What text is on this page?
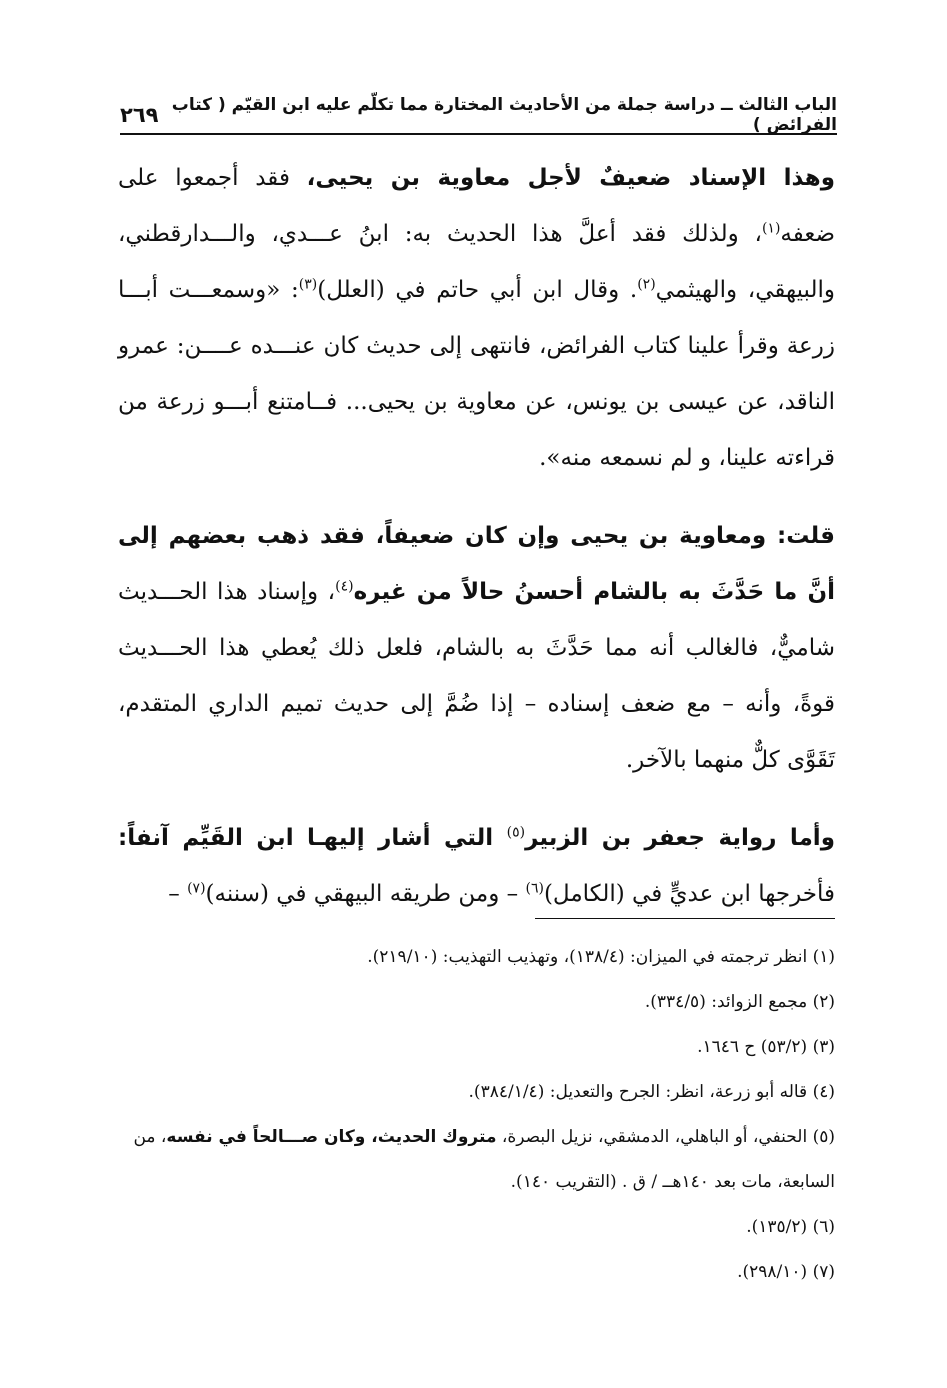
الباب الثالث ــ دراسة جملة من الأحاديث المختارة مما تكلّم عليه ابن القيّم ( كتاب الفرائض )
٢٦٩

وهذا الإسناد ضعيفٌ لأجل معاوية بن يحيى، فقد أجمعوا على ضعفه$^{(١)}$، ولذلك فقد أعلَّ هذا الحديث به: ابنُ عـــدي، والـــدارقطني، والبيهقي، والهيثمي$^{(٢)}$. وقال ابن أبي حاتم في (العلل)$^{(٣)}$: «وسمعـــت أبـــا زرعة وقرأ علينا كتاب الفرائض، فانتهى إلى حديث كان عنـــده عــــن: عمرو الناقد، عن عيسى بن يونس، عن معاوية بن يحيى... فــامتنع أبـــو زرعة من قراءته علينا، و لم نسمعه منه».

قلت: ومعاوية بن يحيى وإن كان ضعيفاً، فقد ذهب بعضهم إلى أنَّ ما حَدَّثَ به بالشام أحسنُ حالاً من غيره$^{(٤)}$، وإسناد هذا الحـــديث شاميٌّ، فالغالب أنه مما حَدَّثَ به بالشام، فلعل ذلك يُعطي هذا الحـــديث قوةً، وأنه – مع ضعف إسناده – إذا ضُمَّ إلى حديث تميم الداري المتقدم، تَقَوَّى كلٌّ منهما بالآخر.

وأما رواية جعفر بن الزبير$^{(٥)}$ التي أشار إليهـا ابن القَيِّم آنفاً: فأخرجها ابن عديٍّ في (الكامل)$^{(٦)}$ – ومن طريقه البيهقي في (سننه)$^{(٧)}$ –

(١) انظر ترجمته في الميزان: (١٣٨/٤)، وتهذيب التهذيب: (٢١٩/١٠).

(٢) مجمع الزوائد: (٣٣٤/٥).

(٣) (٥٣/٢) ح ١٦٤٦.

(٤) قاله أبو زرعة، انظر: الجرح والتعديل: (٣٨٤/١/٤).

(٥) الحنفي، أو الباهلي، الدمشقي، نزيل البصرة، متروك الحديث، وكان صـــالحاً في نفسه، من السابعة، مات بعد ١٤٠هــ / ق . (التقريب ١٤٠).

(٦) (١٣٥/٢).

(٧) (٢٩٨/١٠).
